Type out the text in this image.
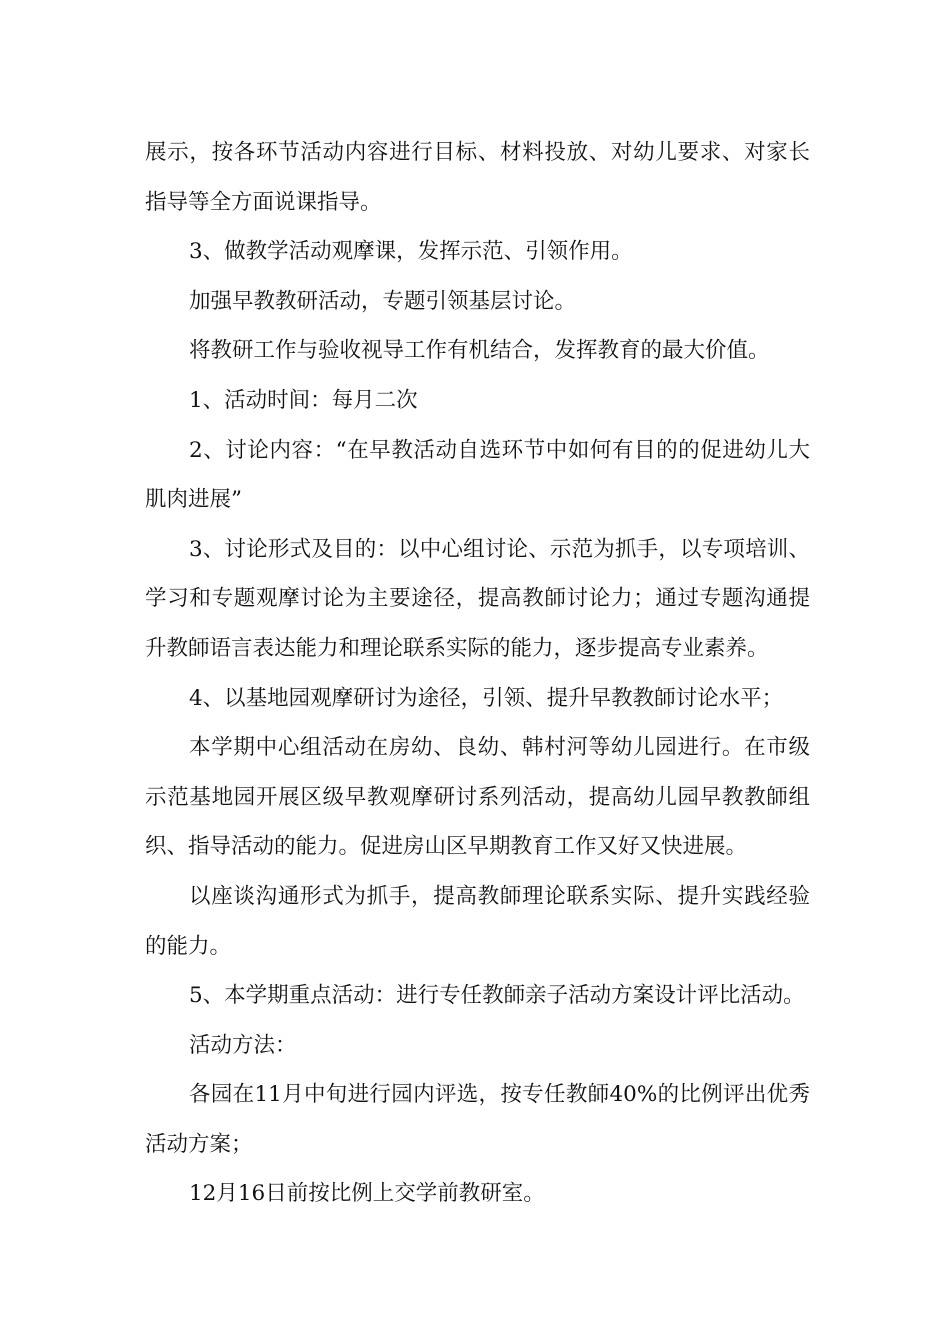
展示，按各环节活动内容进行目标、材料投放、对幼儿要求、对家长指导等全方面说课指导。

3、做教学活动观摩课，发挥示范、引领作用。

加强早教教研活动，专题引领基层讨论。

将教研工作与验收视导工作有机结合，发挥教育的最大价值。

1、活动时间：每月二次

2、讨论内容：“在早教活动自选环节中如何有目的的促进幼儿大肌肉进展”

3、讨论形式及目的：以中心组讨论、示范为抓手，以专项培训、学习和专题观摩讨论为主要途径，提高教師讨论力；通过专题沟通提升教師语言表达能力和理论联系实际的能力，逐步提高专业素养。

4、以基地园观摩研讨为途径，引领、提升早教教師讨论水平；

本学期中心组活动在房幼、良幼、韩村河等幼儿园进行。在市级示范基地园开展区级早教观摩研讨系列活动，提高幼儿园早教教師组织、指导活动的能力。促进房山区早期教育工作又好又快进展。

以座谈沟通形式为抓手，提高教師理论联系实际、提升实践经验的能力。

5、本学期重点活动：进行专任教師亲子活动方案设计评比活动。

活动方法：

各园在11月中旬进行园内评选，按专任教師40%的比例评出优秀活动方案；

12月16日前按比例上交学前教研室。
